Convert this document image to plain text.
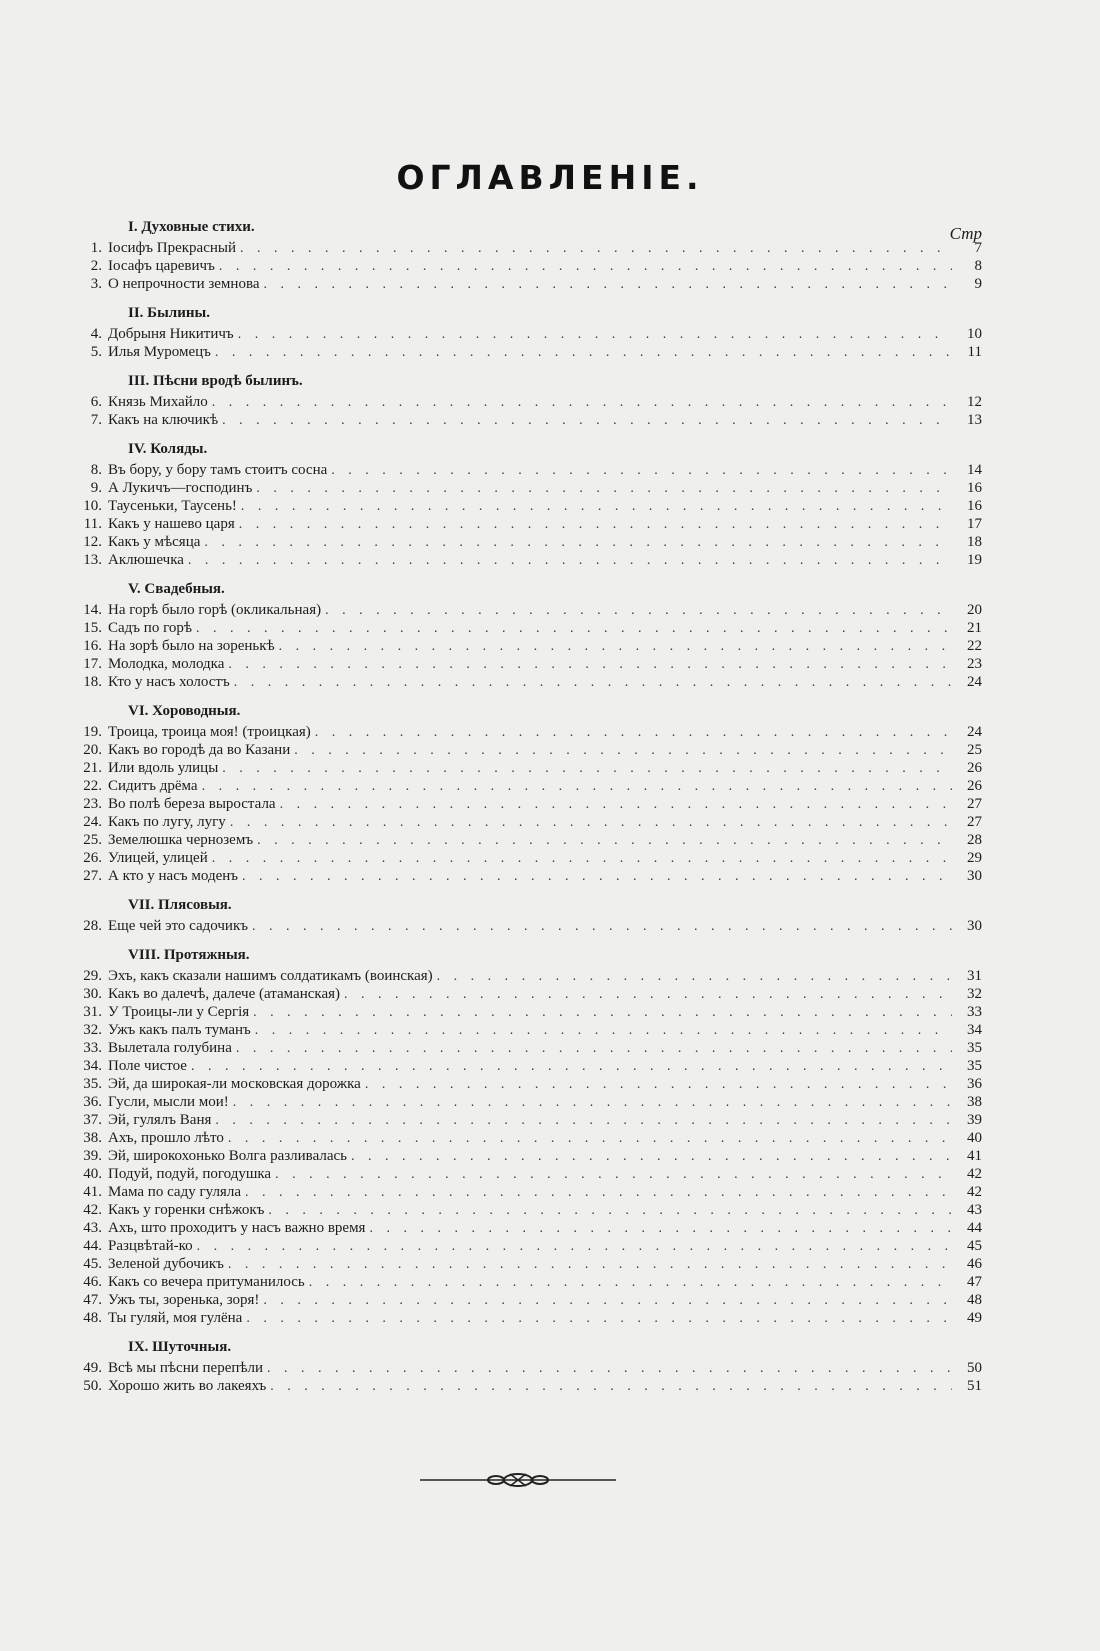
ОГЛАВЛЕНIЕ.
Стр
I. Духовные стихи.
1. Iосифъ Прекрасный . . .	7
2. Iосафъ царевичъ . . .	8
3. О непрочности земнова . . .	9
II. Былины.
4. Добрыня Никитичъ . . .	10
5. Илья Муромецъ . . .	11
III. Пѣсни вродѣ былинъ.
6. Князь Михайло . . .	12
7. Какъ на ключикѣ . . .	13
IV. Коляды.
8. Въ бору, у бору тамъ стоитъ сосна . . .	14
9. А Лукичъ—господинъ . . .	16
10. Таусеньки, Таусень! . . .	16
11. Какъ у нашево царя . . .	17
12. Какъ у мѣсяца . . .	18
13. Аклюшечка . . .	19
V. Свадебныя.
14. На горѣ было горѣ (окликальная) . . .	20
15. Садъ по горѣ . . .	21
16. На зорѣ было на зоренькѣ . . .	22
17. Молодка, молодка . . .	23
18. Кто у насъ холостъ . . .	24
VI. Хороводныя.
19. Троица, троица моя! (троицкая) . . .	24
20. Какъ во городѣ да во Казани . . .	25
21. Или вдоль улицы . . .	26
22. Сидитъ дрёма . . .	26
23. Во полѣ береза выростала . . .	27
24. Какъ по лугу, лугу . . .	27
25. Земелюшка черноземъ . . .	28
26. Улицей, улицей . . .	29
27. А кто у насъ моденъ . . .	30
VII. Плясовыя.
28. Еще чей это садочикъ . . .	30
VIII. Протяжныя.
29. Эхъ, какъ сказали нашимъ солдатикамъ (воинская) . . .	31
30. Какъ во далечѣ, далече (атаманская) . . .	32
31. У Троицы-ли у Сергiя . . .	33
32. Ужъ какъ палъ туманъ . . .	34
33. Вылетала голубина . . .	35
34. Поле чистое . . .	35
35. Эй, да широкая-ли московская дорожка . . .	36
36. Гусли, мысли мои! . . .	38
37. Эй, гулялъ Ваня . . .	39
38. Ахъ, прошло лѣто . . .	40
39. Эй, широкохонько Волга разливалась . . .	41
40. Подуй, подуй, погодушка . . .	42
41. Мама по саду гуляла . . .	42
42. Какъ у горенки снѣжокъ . . .	43
43. Ахъ, што проходитъ у насъ важно время . . .	44
44. Разцвѣтай-ко . . .	45
45. Зеленой дубочикъ . . .	46
46. Какъ со вечера притуманилось . . .	47
47. Ужъ ты, зоренька, зоря! . . .	48
48. Ты гуляй, моя гулёна . . .	49
IX. Шуточныя.
49. Всѣ мы пѣсни перепѣли . . .	50
50. Хорошо жить во лакеяхъ . . .	51
